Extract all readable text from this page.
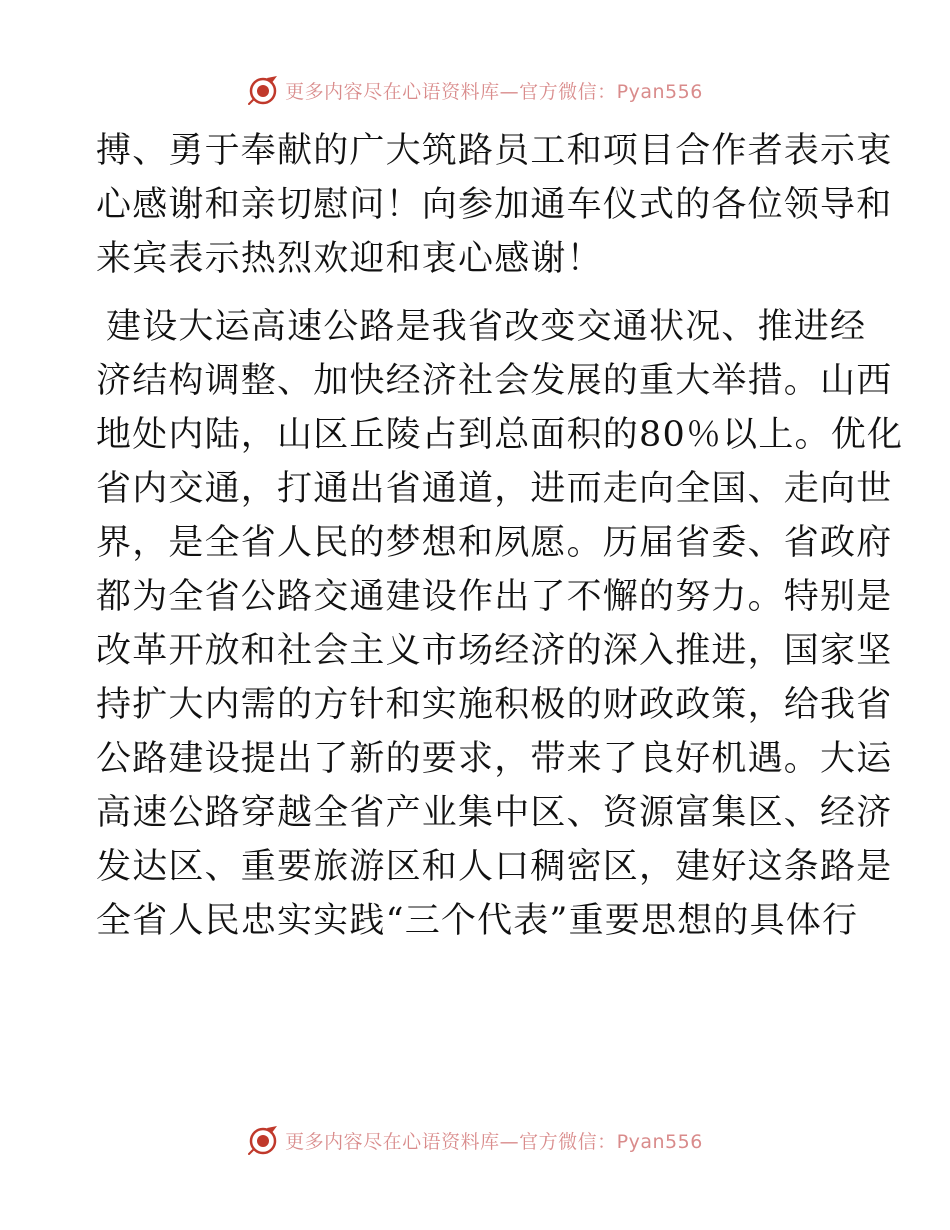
更多内容尽在心语资料库—官方微信：Pyan556
搏、勇于奉献的广大筑路员工和项目合作者表示衷
心感谢和亲切慰问！向参加通车仪式的各位领导和
来宾表示热烈欢迎和衷心感谢！
建设大运高速公路是我省改变交通状况、推进经
济结构调整、加快经济社会发展的重大举措。山西
地处内陆，山区丘陵占到总面积的80％以上。优化
省内交通，打通出省通道，进而走向全国、走向世
界，是全省人民的梦想和夙愿。历届省委、省政府
都为全省公路交通建设作出了不懈的努力。特别是
改革开放和社会主义市场经济的深入推进，国家坚
持扩大内需的方针和实施积极的财政政策，给我省
公路建设提出了新的要求，带来了良好机遇。大运
高速公路穿越全省产业集中区、资源富集区、经济
发达区、重要旅游区和人口稠密区，建好这条路是
全省人民忠实实践“三个代表”重要思想的具体行
更多内容尽在心语资料库—官方微信：Pyan556
